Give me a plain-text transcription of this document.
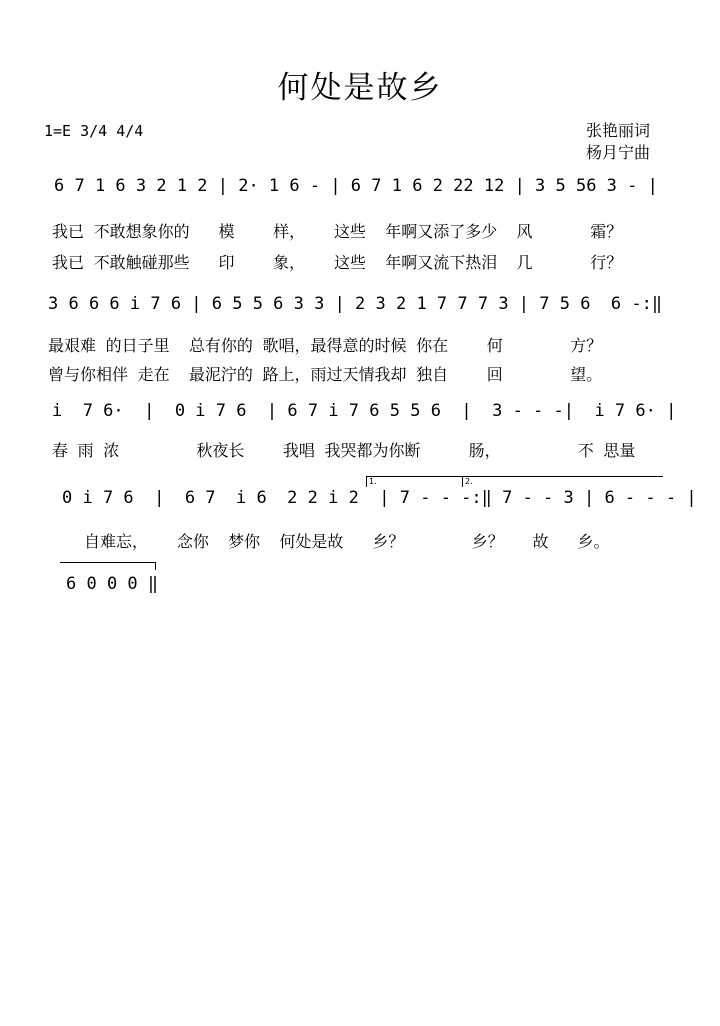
何处是故乡
1=E 3/4 4/4	张艳丽词
杨月宁曲
6 7 1 6 3 2 1 2 | 2· 1 6 - | 6 7 1 6 2 22 12 | 3 5 56 3 - |
我已 不敢想象你的   模    样，   这些  年啊又添了多少  风      霜？
我已 不敢触碰那些   印    象，   这些  年啊又流下热泪  几      行？
3 6 6 6 i 7 6 | 6 5 5 6 3 3 | 2 3 2 1 7 7 7 3 | 7 5 6  6 -:‖
最艰难 的日子里  总有你的 歌唱，最得意的时候 你在    何       方？
曾与你相伴 走在  最泥泞的 路上，雨过天情我却 独自    回       望。
i  7 6·  |  0 i 7 6  | 6 7 i 7 6 5 5 6  |  3 - - -|  i 7 6· |
春 雨 浓        秋夜长    我唱 我哭都为你断     肠，        不 思量
1.	2.
0 i 7 6  |  6 7  i 6  2 2 i 2  | 7 - - -:‖ 7 - - 3 | 6 - - - |
自难忘，   念你  梦你  何处是故   乡？       乡？   故   乡。
6 0 0 0 ‖
